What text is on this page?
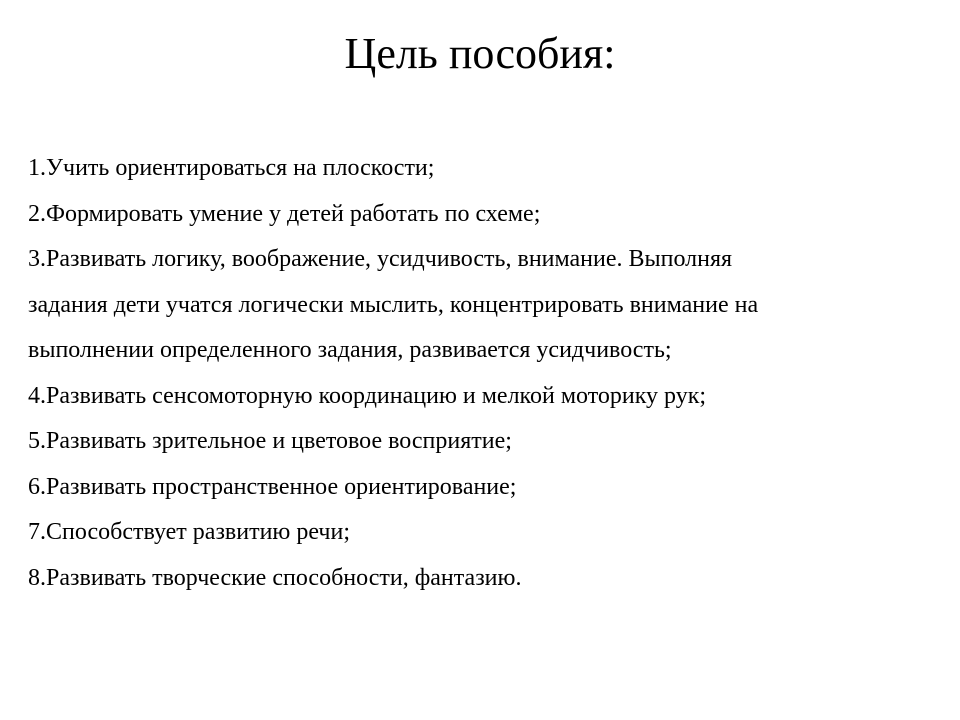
Цель пособия:
1.Учить ориентироваться на плоскости;
2.Формировать умение у детей работать по схеме;
3.Развивать логику, воображение, усидчивость, внимание. Выполняя
задания дети учатся логически мыслить, концентрировать внимание на
выполнении определенного задания, развивается усидчивость;
4.Развивать сенсомоторную координацию и мелкой моторику рук;
5.Развивать зрительное и цветовое восприятие;
6.Развивать пространственное ориентирование;
7.Способствует развитию речи;
8.Развивать творческие способности, фантазию.
